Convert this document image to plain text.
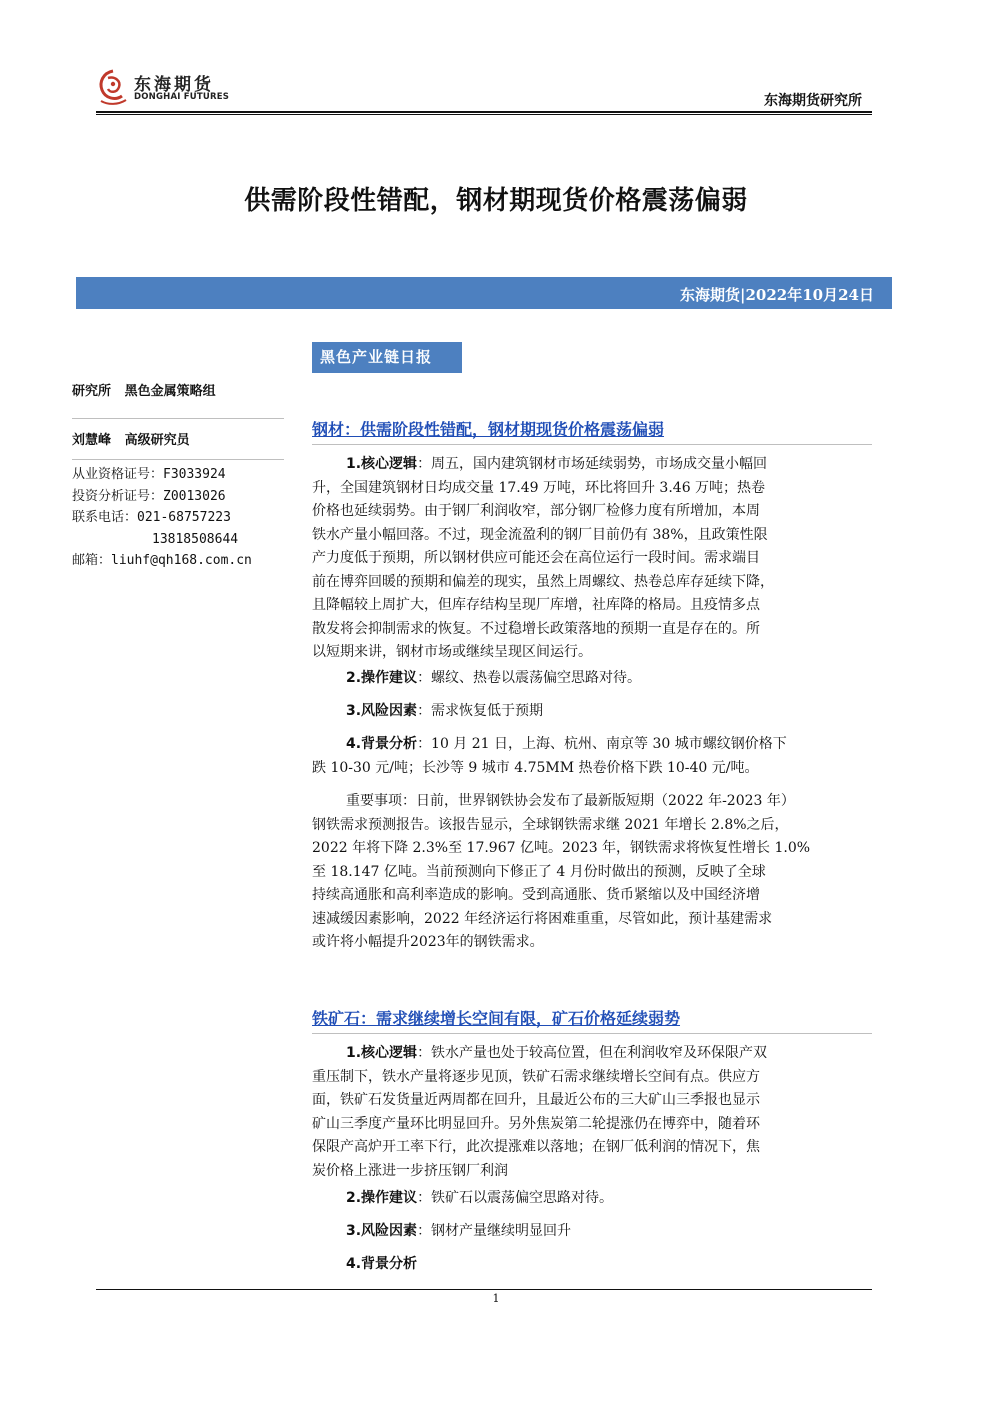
东海期货
DONGHAI FUTURES	东海期货研究所
供需阶段性错配，钢材期现货价格震荡偏弱
东海期货|2022年10月24日
黑色产业链日报
研究所   黑色金属策略组
刘慧峰   高级研究员
从业资格证号：F3033924
投资分析证号：Z0013026
联系电话：021-68757223
13818508644
邮箱：liuhf@qh168.com.cn
钢材：供需阶段性错配，钢材期现货价格震荡偏弱
1.核心逻辑：周五，国内建筑钢材市场延续弱势，市场成交量小幅回
升，全国建筑钢材日均成交量 17.49 万吨，环比将回升 3.46 万吨；热卷
价格也延续弱势。由于钢厂利润收窄，部分钢厂检修力度有所增加，本周
铁水产量小幅回落。不过，现金流盈利的钢厂目前仍有 38%，且政策性限
产力度低于预期，所以钢材供应可能还会在高位运行一段时间。需求端目
前在博弈回暖的预期和偏差的现实，虽然上周螺纹、热卷总库存延续下降，
且降幅较上周扩大，但库存结构呈现厂库增，社库降的格局。且疫情多点
散发将会抑制需求的恢复。不过稳增长政策落地的预期一直是存在的。所
以短期来讲，钢材市场或继续呈现区间运行。
2.操作建议：螺纹、热卷以震荡偏空思路对待。
3.风险因素：需求恢复低于预期
4.背景分析：10 月 21 日，上海、杭州、南京等 30 城市螺纹钢价格下
跌 10-30 元/吨；长沙等 9 城市 4.75MM 热卷价格下跌 10-40 元/吨。
重要事项：日前，世界钢铁协会发布了最新版短期（2022 年-2023 年）
钢铁需求预测报告。该报告显示，全球钢铁需求继 2021 年增长 2.8%之后，
2022 年将下降 2.3%至 17.967 亿吨。2023 年，钢铁需求将恢复性增长 1.0%
至 18.147 亿吨。当前预测向下修正了 4 月份时做出的预测，反映了全球
持续高通胀和高利率造成的影响。受到高通胀、货币紧缩以及中国经济增
速减缓因素影响，2022 年经济运行将困难重重，尽管如此，预计基建需求
或许将小幅提升2023年的钢铁需求。
铁矿石：需求继续增长空间有限，矿石价格延续弱势
1.核心逻辑：铁水产量也处于较高位置，但在利润收窄及环保限产双
重压制下，铁水产量将逐步见顶，铁矿石需求继续增长空间有点。供应方
面，铁矿石发货量近两周都在回升，且最近公布的三大矿山三季报也显示
矿山三季度产量环比明显回升。另外焦炭第二轮提涨仍在博弈中，随着环
保限产高炉开工率下行，此次提涨难以落地；在钢厂低利润的情况下，焦
炭价格上涨进一步挤压钢厂利润
2.操作建议：铁矿石以震荡偏空思路对待。
3.风险因素：钢材产量继续明显回升
4.背景分析
1
